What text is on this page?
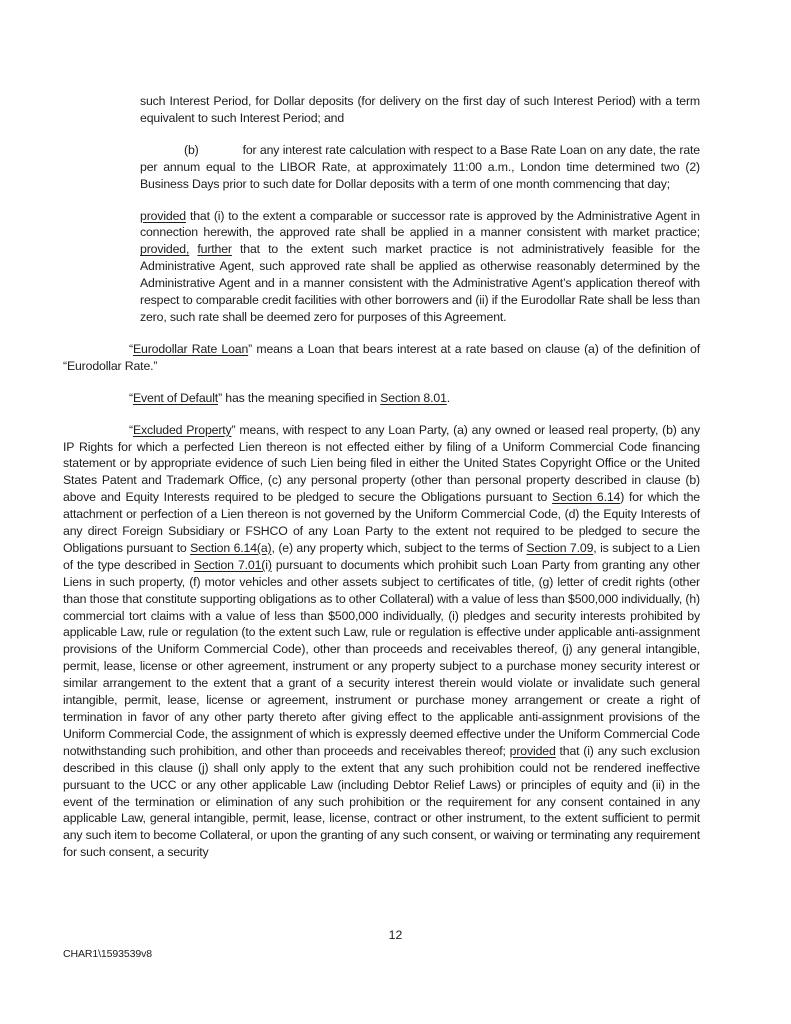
such Interest Period, for Dollar deposits (for delivery on the first day of such Interest Period) with a term equivalent to such Interest Period; and

(b)	for any interest rate calculation with respect to a Base Rate Loan on any date, the rate per annum equal to the LIBOR Rate, at approximately 11:00 a.m., London time determined two (2) Business Days prior to such date for Dollar deposits with a term of one month commencing that day;

provided that (i) to the extent a comparable or successor rate is approved by the Administrative Agent in connection herewith, the approved rate shall be applied in a manner consistent with market practice; provided, further that to the extent such market practice is not administratively feasible for the Administrative Agent, such approved rate shall be applied as otherwise reasonably determined by the Administrative Agent and in a manner consistent with the Administrative Agent’s application thereof with respect to comparable credit facilities with other borrowers and (ii) if the Eurodollar Rate shall be less than zero, such rate shall be deemed zero for purposes of this Agreement.

“Eurodollar Rate Loan” means a Loan that bears interest at a rate based on clause (a) of the definition of “Eurodollar Rate.”

“Event of Default” has the meaning specified in Section 8.01.

“Excluded Property” means, with respect to any Loan Party, (a) any owned or leased real property, (b) any IP Rights for which a perfected Lien thereon is not effected either by filing of a Uniform Commercial Code financing statement or by appropriate evidence of such Lien being filed in either the United States Copyright Office or the United States Patent and Trademark Office, (c) any personal property (other than personal property described in clause (b) above and Equity Interests required to be pledged to secure the Obligations pursuant to Section 6.14) for which the attachment or perfection of a Lien thereon is not governed by the Uniform Commercial Code, (d) the Equity Interests of any direct Foreign Subsidiary or FSHCO of any Loan Party to the extent not required to be pledged to secure the Obligations pursuant to Section 6.14(a), (e) any property which, subject to the terms of Section 7.09, is subject to a Lien of the type described in Section 7.01(i) pursuant to documents which prohibit such Loan Party from granting any other Liens in such property, (f) motor vehicles and other assets subject to certificates of title, (g) letter of credit rights (other than those that constitute supporting obligations as to other Collateral) with a value of less than $500,000 individually, (h) commercial tort claims with a value of less than $500,000 individually, (i) pledges and security interests prohibited by applicable Law, rule or regulation (to the extent such Law, rule or regulation is effective under applicable anti-assignment provisions of the Uniform Commercial Code), other than proceeds and receivables thereof, (j) any general intangible, permit, lease, license or other agreement, instrument or any property subject to a purchase money security interest or similar arrangement to the extent that a grant of a security interest therein would violate or invalidate such general intangible, permit, lease, license or agreement, instrument or purchase money arrangement or create a right of termination in favor of any other party thereto after giving effect to the applicable anti-assignment provisions of the Uniform Commercial Code, the assignment of which is expressly deemed effective under the Uniform Commercial Code notwithstanding such prohibition, and other than proceeds and receivables thereof; provided that (i) any such exclusion described in this clause (j) shall only apply to the extent that any such prohibition could not be rendered ineffective pursuant to the UCC or any other applicable Law (including Debtor Relief Laws) or principles of equity and (ii) in the event of the termination or elimination of any such prohibition or the requirement for any consent contained in any applicable Law, general intangible, permit, lease, license, contract or other instrument, to the extent sufficient to permit any such item to become Collateral, or upon the granting of any such consent, or waiving or terminating any requirement for such consent, a security

12
CHAR1\1593539v8
